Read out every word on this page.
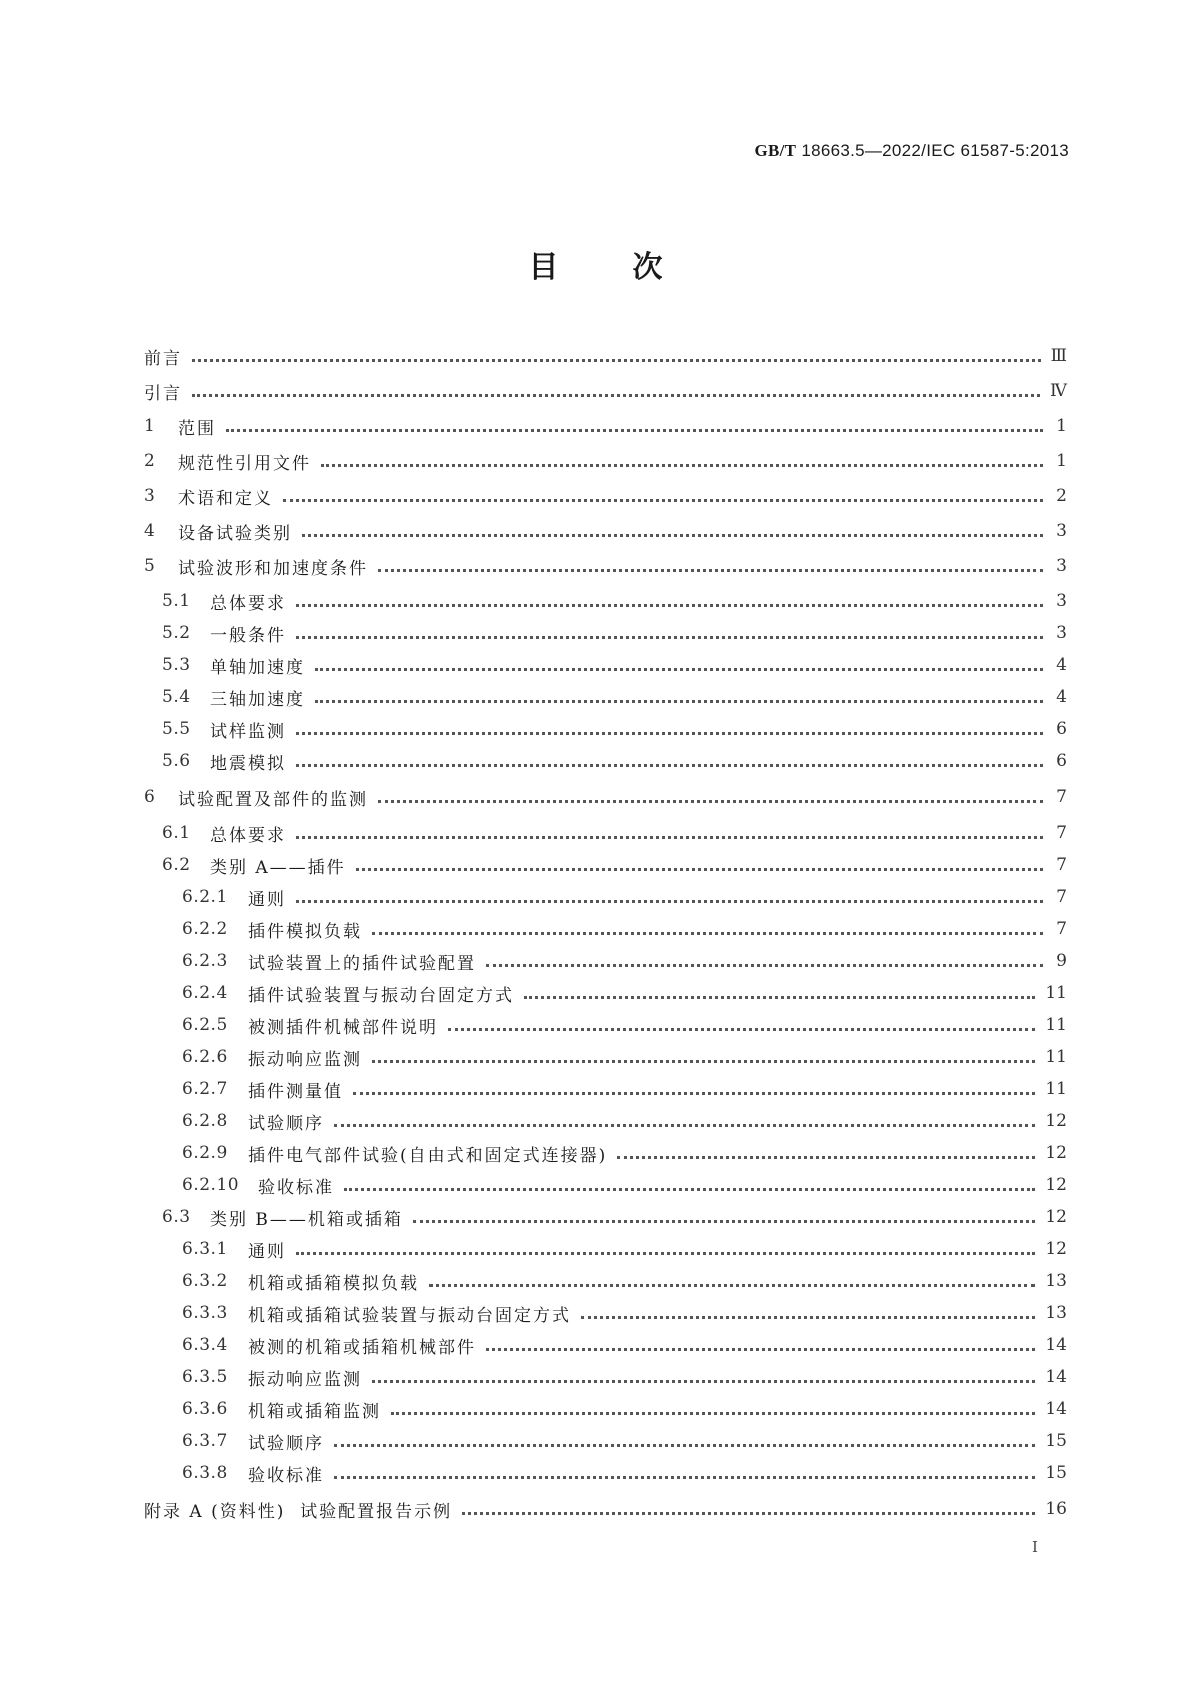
GB/T 18663.5—2022/IEC 61587-5:2013
目 次
前言	Ⅲ
引言	Ⅳ
1	范围	1
2	规范性引用文件	1
3	术语和定义	2
4	设备试验类别	3
5	试验波形和加速度条件	3
5.1	总体要求	3
5.2	一般条件	3
5.3	单轴加速度	4
5.4	三轴加速度	4
5.5	试样监测	6
5.6	地震模拟	6
6	试验配置及部件的监测	7
6.1	总体要求	7
6.2	类别 A——插件	7
6.2.1	通则	7
6.2.2	插件模拟负载	7
6.2.3	试验装置上的插件试验配置	9
6.2.4	插件试验装置与振动台固定方式	11
6.2.5	被测插件机械部件说明	11
6.2.6	振动响应监测	11
6.2.7	插件测量值	11
6.2.8	试验顺序	12
6.2.9	插件电气部件试验(自由式和固定式连接器)	12
6.2.10	验收标准	12
6.3	类别 B——机箱或插箱	12
6.3.1	通则	12
6.3.2	机箱或插箱模拟负载	13
6.3.3	机箱或插箱试验装置与振动台固定方式	13
6.3.4	被测的机箱或插箱机械部件	14
6.3.5	振动响应监测	14
6.3.6	机箱或插箱监测	14
6.3.7	试验顺序	15
6.3.8	验收标准	15
附录 A (资料性)  试验配置报告示例	16
I
